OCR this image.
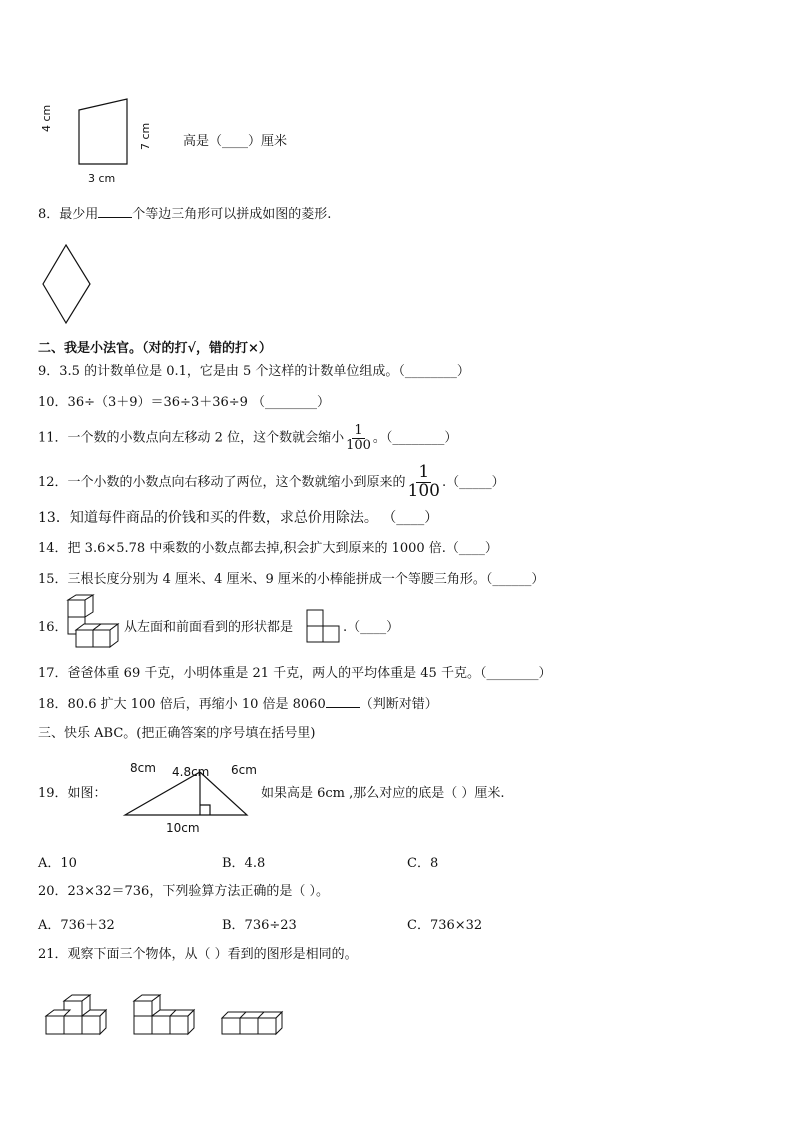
4 cm
7 cm
3 cm
高是（____）厘米
8．最少用	个等边三角形可以拼成如图的菱形.
二、我是小法官。（对的打√，错的打×）
9．3.5 的计数单位是 0.1，它是由 5 个这样的计数单位组成。（________）
10．36÷（3＋9）＝36÷3＋36÷9 （________）
11．一个数的小数点向左移动 2 位，这个数就会缩小 $\frac{1}{100}$ 。（________）
12．一个小数的小数点向右移动了两位，这个数就缩小到原来的 $\frac{1}{100}$ .（_____）
13．知道每件商品的价钱和买的件数，求总价用除法。 （____）
14．把 3.6×5.78 中乘数的小数点都去掉,积会扩大到原来的 1000 倍.（____）
15．三根长度分别为 4 厘米、4 厘米、9 厘米的小棒能拼成一个等腰三角形。（______）
16．	从左面和前面看到的形状都是	.（____）
17．爸爸体重 69 千克，小明体重是 21 千克，两人的平均体重是 45 千克。（________）
18．80.6 扩大 100 倍后，再缩小 10 倍是 8060	（判断对错）
三、快乐 ABC。(把正确答案的序号填在括号里)
19．如图：
8cm 4.8cm 6cm
10cm
如果高是 6cm ,那么对应的底是（ ）厘米.
A．10	B．4.8	C．8
20．23×32＝736，下列验算方法正确的是（ ）。
A．736＋32	B．736÷23	C．736×32
21．观察下面三个物体，从（ ）看到的图形是相同的。
